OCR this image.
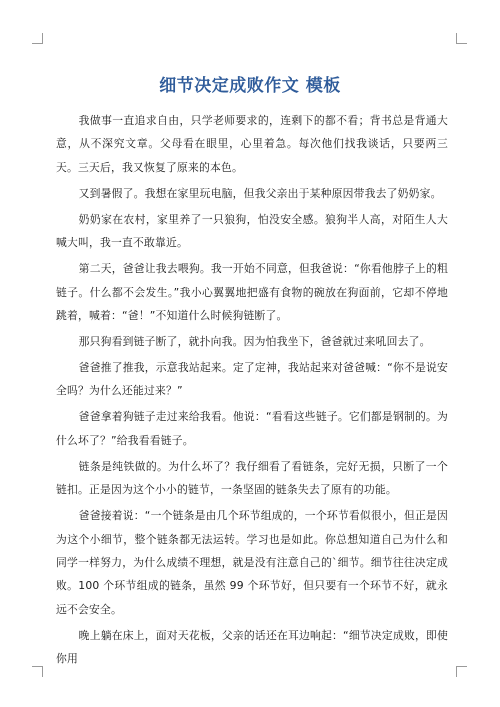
细节决定成败作文 模板

我做事一直追求自由，只学老师要求的，连剩下的都不看；背书总是背通大意，从不深究文章。父母看在眼里，心里着急。每次他们找我谈话，只要两三天。三天后，我又恢复了原来的本色。

又到暑假了。我想在家里玩电脑，但我父亲出于某种原因带我去了奶奶家。

奶奶家在农村，家里养了一只狼狗，怕没安全感。狼狗半人高，对陌生人大喊大叫，我一直不敢靠近。

第二天，爸爸让我去喂狗。我一开始不同意，但我爸说：“你看他脖子上的粗链子。什么都不会发生。”我小心翼翼地把盛有食物的碗放在狗面前，它却不停地跳着，喊着：“爸！”不知道什么时候狗链断了。

那只狗看到链子断了，就扑向我。因为怕我坐下，爸爸就过来吼回去了。

爸爸推了推我，示意我站起来。定了定神，我站起来对爸爸喊：“你不是说安全吗？为什么还能过来？”

爸爸拿着狗链子走过来给我看。他说：“看看这些链子。它们都是钢制的。为什么坏了？”给我看看链子。

链条是纯铁做的。为什么坏了？我仔细看了看链条，完好无损，只断了一个链扣。正是因为这个小小的链节，一条坚固的链条失去了原有的功能。

爸爸接着说：“一个链条是由几个环节组成的，一个环节看似很小，但正是因为这个小细节，整个链条都无法运转。学习也是如此。你总想知道自己为什么和同学一样努力，为什么成绩不理想，就是没有注意自己的`细节。细节往往决定成败。100 个环节组成的链条，虽然 99 个环节好，但只要有一个环节不好，就永远不会安全。

晚上躺在床上，面对天花板，父亲的话还在耳边响起：“细节决定成败，即使你用
